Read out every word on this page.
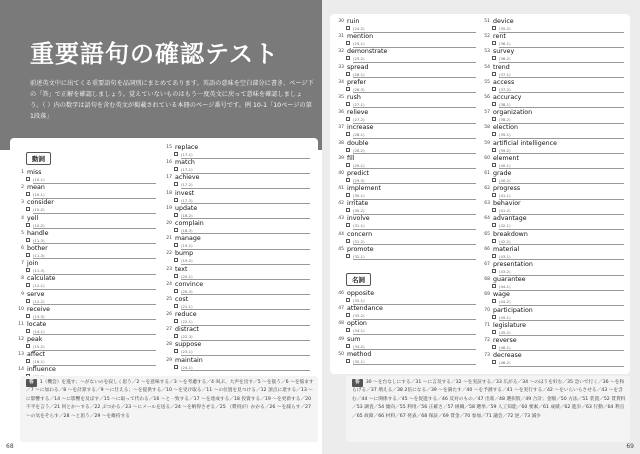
重要語句の確認テスト
前述英文中に出てくる重要語句を品詞別にまとめてあります。英語の意味を空白部分に書き、ページ下の「答」で正解を確認しましょう。覚えていないものはもう一度英文に戻って意味を確認しましょう。（ ）内の数字は語句を含む英文が掲載されている本冊のページ番号です。例 10-1「10ページの第1段落」
動詞
1 miss
(10-1)
2 mean
(10-1)
3 consider
(10-2)
4 yell
(10-2)
5 handle
(11-3)
6 bother
(11-3)
7 join
(11-3)
8 calculate
(12-1)
9 serve
(12-2)
10 receive
(13-3)
11 locate
(14-1)
12 peak
(15-2)
13 affect
(16-1)
14 influence
15 replace
(17-1)
16 match
(17-1)
17 achieve
(17-2)
18 invest
(17-3)
19 update
(18-2)
20 complain
(18-3)
21 manage
(19-1)
22 bump
(19-2)
23 text
(20-1)
24 convince
(20-3)
25 cost
(21-1)
26 reduce
(22-1)
27 distract
(22-3)
28 suppose
(23-1)
29 maintain
(24-1)
答 1（機会）を逃す；～がないのを寂しく思う／2 ～を意味する／3 ～を考慮する／4 叫ぶ、大声を出す／5 ～を扱う／6 ～を悩ます／7 ～に加わる／8 ～を計算する／9 ～に仕える；～を提供する／10 ～を受け取る／11 ～の位置を見つける／12 頂点に達する／13 ～に影響する／14 ～に影響を及ぼす／15 ～に取って代わる／16 ～と一致する／17 ～を達成する／18 投資する／19 ～を更新する／20 不平を言う／21 何とか～する／22 ぶつかる／23 ～にメールを送る／24 ～を納得させる／25 （費用が）かかる／26 ～を減らす／27 ～の気をそらす／28 ～と思う／29 ～を維持する
68
30 ruin
(24-2)
31 mention
(25-1)
32 demonstrate
(25-2)
33 spread
(26-1)
34 prefer
(26-3)
35 rush
(27-1)
36 relieve
(27-2)
37 increase
(28-1)
38 double
(28-2)
39 fill
(29-1)
40 predict
(29-3)
41 implement
(30-1)
42 irritate
(30-2)
43 involve
(31-1)
44 concern
(31-2)
45 promote
(32-1)
名詞
46 opposite
(33-1)
47 attendance
(33-2)
48 option
(34-1)
49 sum
(34-2)
50 method
(35-1)
51 device
(35-2)
52 rent
(36-1)
53 survey
(36-2)
54 trend
(37-1)
55 access
(37-2)
56 accuracy
(38-1)
57 organization
(38-2)
58 election
(39-1)
59 artificial intelligence
(39-2)
60 element
(40-1)
61 grade
(40-2)
62 progress
(41-1)
63 behavior
(41-2)
64 advantage
(42-1)
65 breakdown
(42-2)
66 material
(43-1)
67 presentation
(43-2)
68 guarantee
(44-1)
69 wage
(44-2)
70 participation
(45-1)
71 legislature
(45-2)
72 reverse
(46-1)
73 decrease
(46-2)
答 30 ～を台なしにする／31 ～に言及する／32 ～を実証する／33 広がる／34 ～のほうを好む／35 急いで行く／36 ～を和らげる／37 増える／38 2倍になる／39 ～を満たす／40 ～を予測する／41 ～を実行する／42 ～をいらいらさせる／43 ～を含む／44 ～に関係する／45 ～を促進する／46 反対のもの／47 出席／48 選択肢／49 合計；金額／50 方法／51 装置／52 賃貸料／53 調査／54 傾向／55 利用／56 正確さ／57 組織／58 選挙／59 人工知能／60 要素／61 成績／62 進歩／63 行動／64 利点／65 故障／66 材料／67 発表／68 保証／69 賃金／70 参加／71 議会／72 逆／73 減少
69
